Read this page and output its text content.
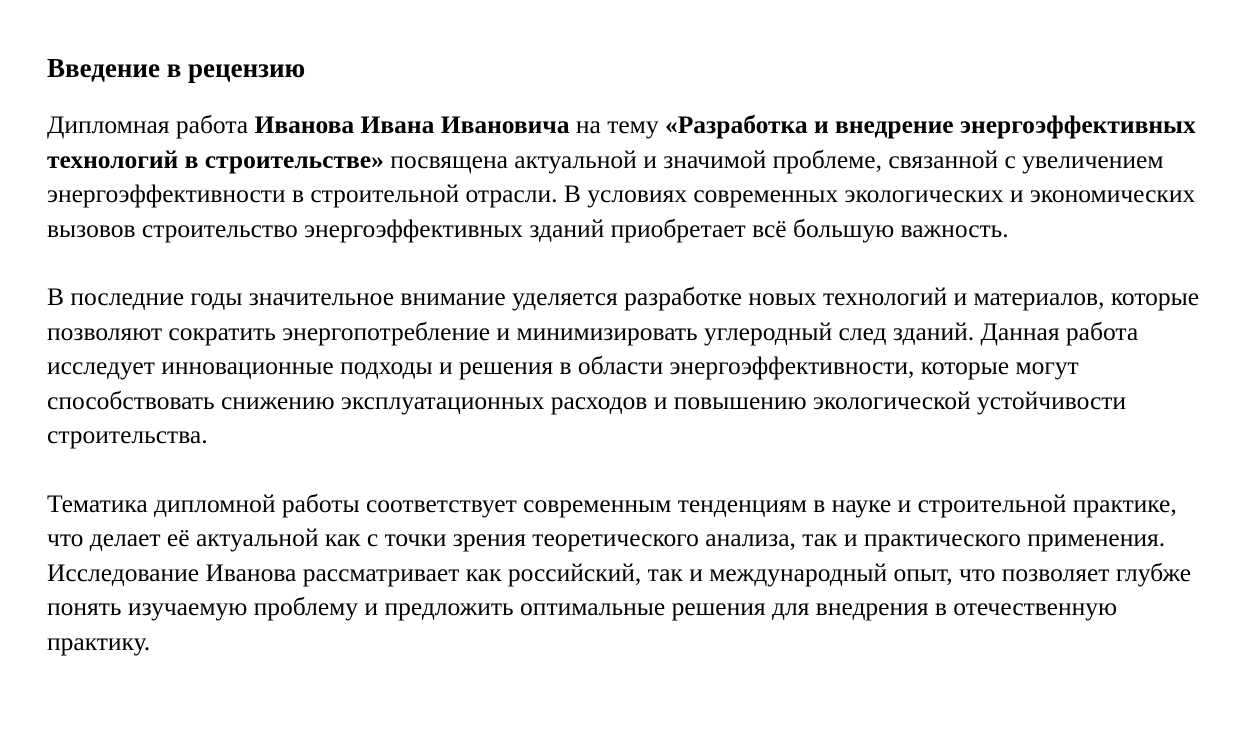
Введение в рецензию

Дипломная работа Иванова Ивана Ивановича на тему «Разработка и внедрение энергоэффективных технологий в строительстве» посвящена актуальной и значимой проблеме, связанной с увеличением энергоэффективности в строительной отрасли. В условиях современных экологических и экономических вызовов строительство энергоэффективных зданий приобретает всё большую важность.

В последние годы значительное внимание уделяется разработке новых технологий и материалов, которые позволяют сократить энергопотребление и минимизировать углеродный след зданий. Данная работа исследует инновационные подходы и решения в области энергоэффективности, которые могут способствовать снижению эксплуатационных расходов и повышению экологической устойчивости строительства.

Тематика дипломной работы соответствует современным тенденциям в науке и строительной практике, что делает её актуальной как с точки зрения теоретического анализа, так и практического применения. Исследование Иванова рассматривает как российский, так и международный опыт, что позволяет глубже понять изучаемую проблему и предложить оптимальные решения для внедрения в отечественную практику.
